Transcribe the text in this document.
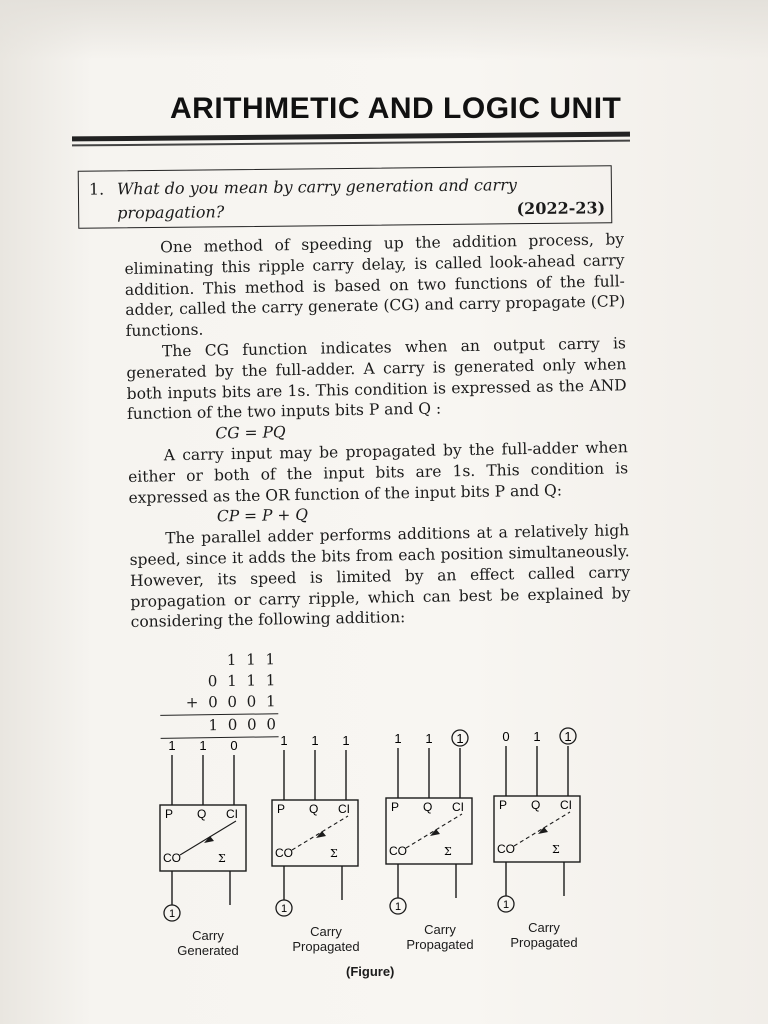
ARITHMETIC AND LOGIC UNIT
1. What do you mean by carry generation and carry propagation?	(2022-23)

One method of speeding up the addition process, by eliminating this ripple carry delay, is called look-ahead carry addition. This method is based on two functions of the full-adder, called the carry generate (CG) and carry propagate (CP) functions.

The CG function indicates when an output carry is generated by the full-adder. A carry is generated only when both inputs bits are 1s. This condition is expressed as the AND function of the two inputs bits P and Q :

CG = PQ

A carry input may be propagated by the full-adder when either or both of the input bits are 1s. This condition is expressed as the OR function of the input bits P and Q:

CP = P + Q

The parallel adder performs additions at a relatively high speed, since it adds the bits from each position simultaneously. However, its speed is limited by an effect called carry propagation or carry ripple, which can best be explained by considering the following addition:

1 1 1
0 1 1 1
+ 0 0 0 1
1 0 0 0
1 1 0
P Q CI
CO	Σ
1
1 1 1
P Q CI
CO	Σ
1
1 1 1
P Q CI
CO	Σ
1
0 1 1
P Q CI
CO	Σ
1
Carry
Generated
Carry
Propagated
Carry
Propagated
Carry
Propagated
(Figure)
